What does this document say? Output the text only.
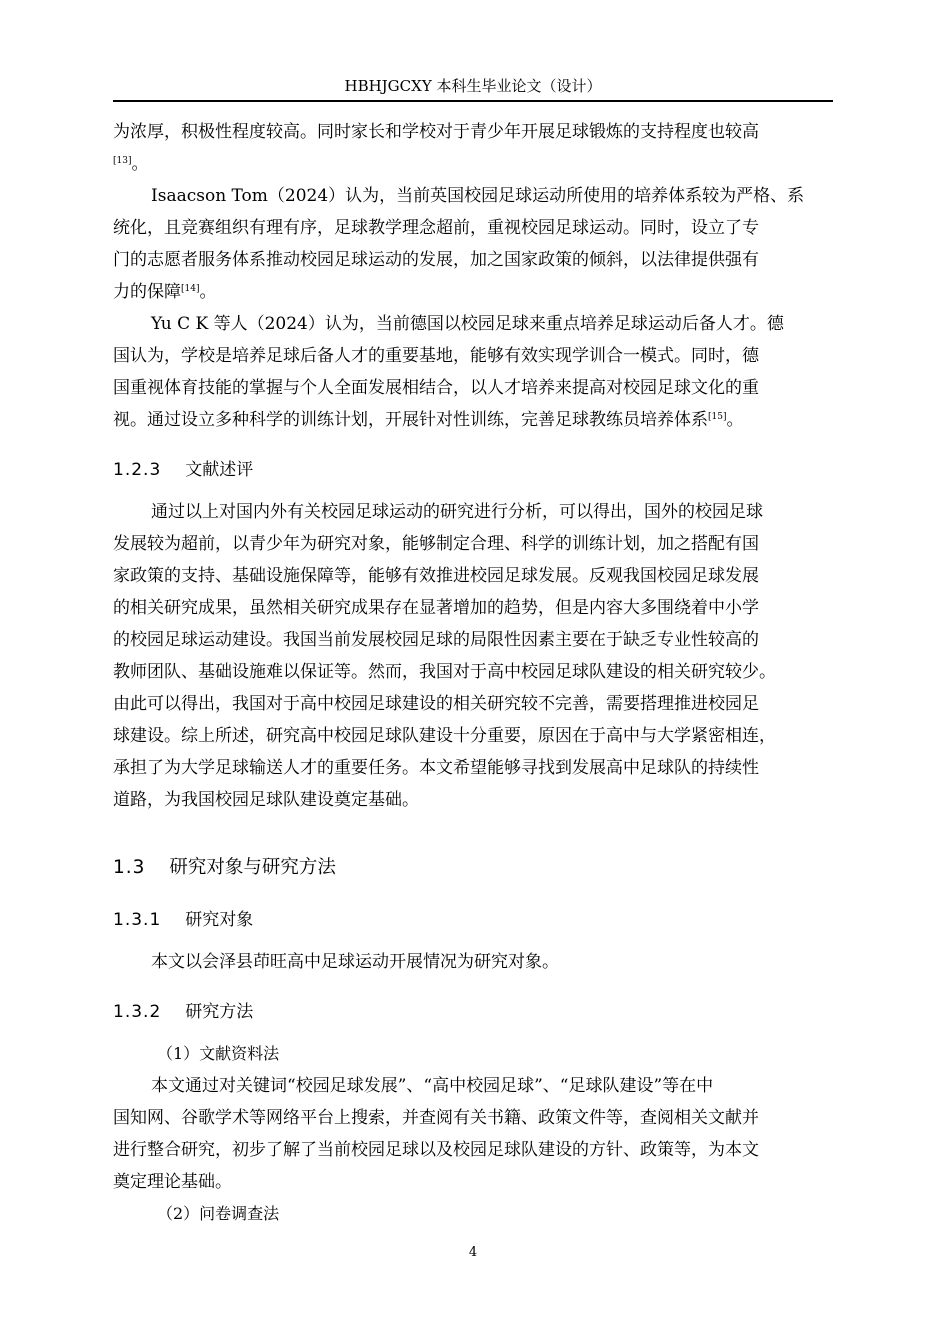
HBHJGCXY 本科生毕业论文（设计）
为浓厚，积极性程度较高。同时家长和学校对于青少年开展足球锻炼的支持程度也较高
[13]。
Isaacson Tom（2024）认为，当前英国校园足球运动所使用的培养体系较为严格、系
统化，且竞赛组织有理有序，足球教学理念超前，重视校园足球运动。同时，设立了专
门的志愿者服务体系推动校园足球运动的发展，加之国家政策的倾斜，以法律提供强有
力的保障[14]。
Yu C K 等人（2024）认为，当前德国以校园足球来重点培养足球运动后备人才。德
国认为，学校是培养足球后备人才的重要基地，能够有效实现学训合一模式。同时，德
国重视体育技能的掌握与个人全面发展相结合，以人才培养来提高对校园足球文化的重
视。通过设立多种科学的训练计划，开展针对性训练，完善足球教练员培养体系[15]。
1.2.3 文献述评
通过以上对国内外有关校园足球运动的研究进行分析，可以得出，国外的校园足球
发展较为超前，以青少年为研究对象，能够制定合理、科学的训练计划，加之搭配有国
家政策的支持、基础设施保障等，能够有效推进校园足球发展。反观我国校园足球发展
的相关研究成果，虽然相关研究成果存在显著增加的趋势，但是内容大多围绕着中小学
的校园足球运动建设。我国当前发展校园足球的局限性因素主要在于缺乏专业性较高的
教师团队、基础设施难以保证等。然而，我国对于高中校园足球队建设的相关研究较少。
由此可以得出，我国对于高中校园足球建设的相关研究较不完善，需要搭理推进校园足
球建设。综上所述，研究高中校园足球队建设十分重要，原因在于高中与大学紧密相连，
承担了为大学足球输送人才的重要任务。本文希望能够寻找到发展高中足球队的持续性
道路，为我国校园足球队建设奠定基础。
1.3 研究对象与研究方法
1.3.1 研究对象
本文以会泽县茚旺高中足球运动开展情况为研究对象。
1.3.2 研究方法
（1）文献资料法
本文通过对关键词“校园足球发展”、“高中校园足球”、“足球队建设”等在中
国知网、谷歌学术等网络平台上搜索，并查阅有关书籍、政策文件等，查阅相关文献并
进行整合研究，初步了解了当前校园足球以及校园足球队建设的方针、政策等，为本文
奠定理论基础。
（2）问卷调查法
4
